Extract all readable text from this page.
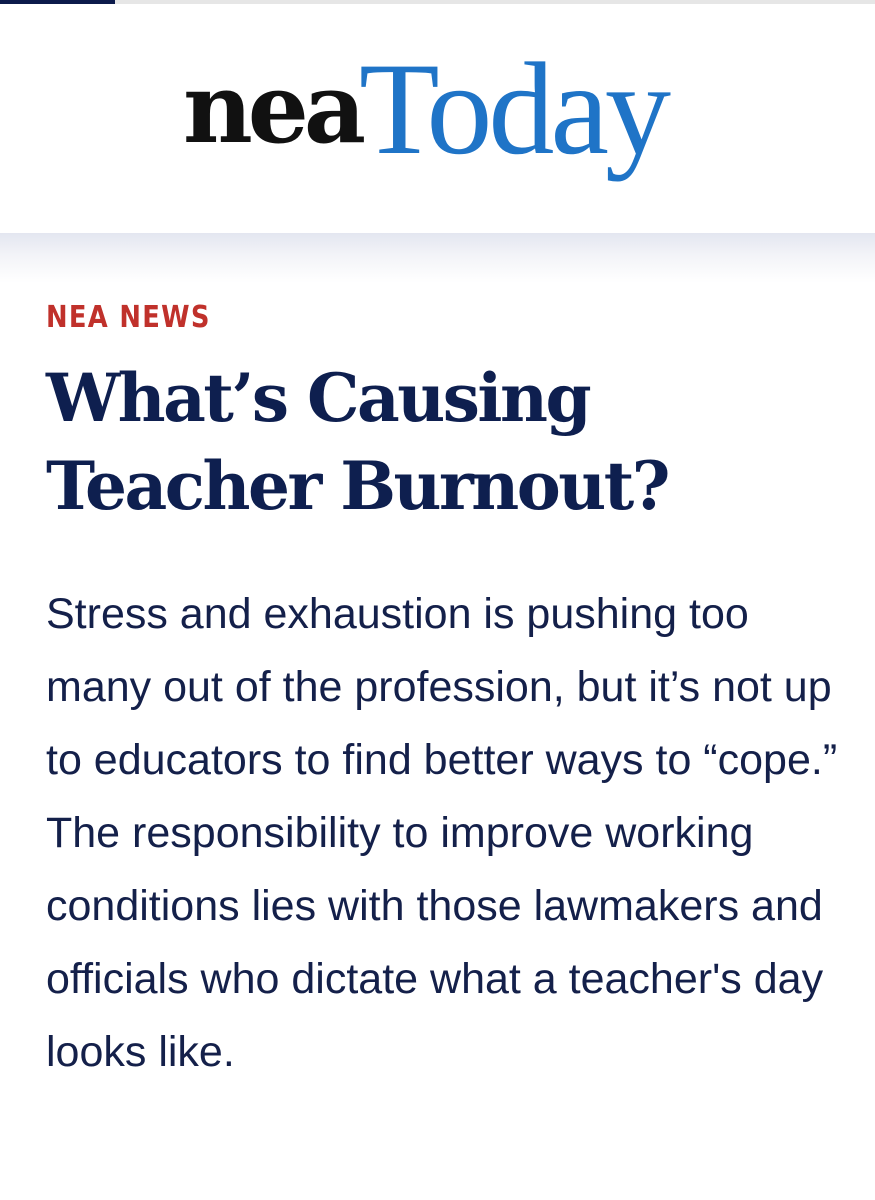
nea
Today
NEA NEWS
What’s Causing Teacher Burnout?

Stress and exhaustion is pushing too many out of the profession, but it’s not up to educators to find better ways to “cope.” The responsibility to improve working conditions lies with those lawmakers and officials who dictate what a teacher's day looks like.
